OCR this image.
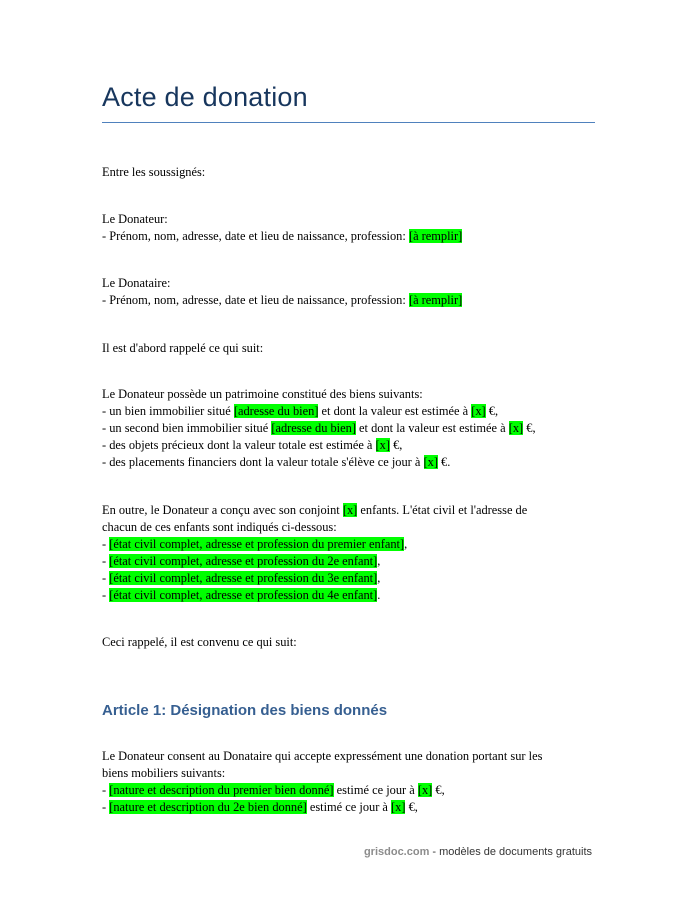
Acte de donation
Entre les soussignés:
Le Donateur:
- Prénom, nom, adresse, date et lieu de naissance, profession: [à remplir]
Le Donataire:
- Prénom, nom, adresse, date et lieu de naissance, profession: [à remplir]
Il est d'abord rappelé ce qui suit:
Le Donateur possède un patrimoine constitué des biens suivants:
- un bien immobilier situé [adresse du bien] et dont la valeur est estimée à [x] €,
- un second bien immobilier situé [adresse du bien] et dont la valeur est estimée à [x] €,
- des objets précieux dont la valeur totale est estimée à [x] €,
- des placements financiers dont la valeur totale s'élève ce jour à [x] €.
En outre, le Donateur a conçu avec son conjoint [x] enfants. L'état civil et l'adresse de
chacun de ces enfants sont indiqués ci-dessous:
- [état civil complet, adresse et profession du premier enfant],
- [état civil complet, adresse et profession du 2e enfant],
- [état civil complet, adresse et profession du 3e enfant],
- [état civil complet, adresse et profession du 4e enfant].
Ceci rappelé, il est convenu ce qui suit:
Article 1: Désignation des biens donnés
Le Donateur consent au Donataire qui accepte expressément une donation portant sur les
biens mobiliers suivants:
- [nature et description du premier bien donné] estimé ce jour à [x] €,
- [nature et description du 2e bien donné] estimé ce jour à [x] €,
grisdoc.com - modèles de documents gratuits
